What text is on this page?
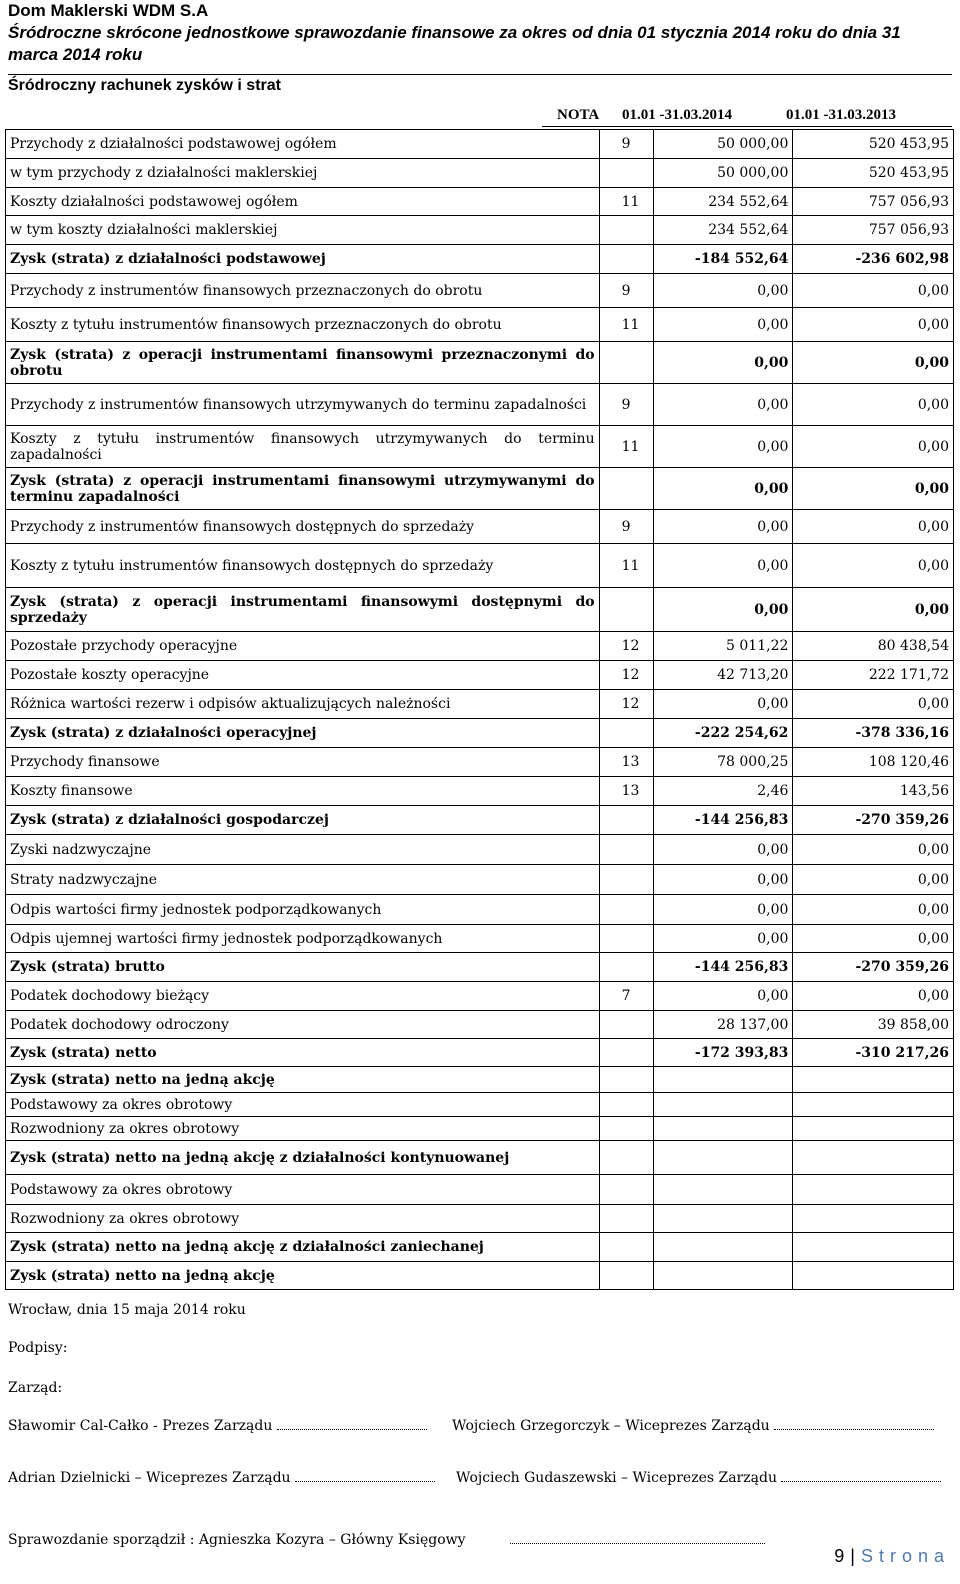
Dom Maklerski WDM S.A
Śródroczne skrócone jednostkowe sprawozdanie finansowe za okres od dnia 01 stycznia 2014 roku do dnia 31 marca 2014 roku
Śródroczny rachunek zysków i strat
NOTA 01.01 -31.03.2014	01.01 -31.03.2013
Przychody z działalności podstawowej ogółem	9	50 000,00	520 453,95
w tym przychody z działalności maklerskiej		50 000,00	520 453,95
Koszty działalności podstawowej ogółem	11	234 552,64	757 056,93
w tym koszty działalności maklerskiej		234 552,64	757 056,93
Zysk (strata) z działalności podstawowej		-184 552,64	-236 602,98
Przychody z instrumentów finansowych przeznaczonych do obrotu	9	0,00	0,00
Koszty z tytułu instrumentów finansowych przeznaczonych do obrotu	11	0,00	0,00
Zysk (strata) z operacji instrumentami finansowymi przeznaczonymi do obrotu		0,00	0,00
Przychody z instrumentów finansowych utrzymywanych do terminu zapadalności	9	0,00	0,00
Koszty z tytułu instrumentów finansowych utrzymywanych do terminu zapadalności	11	0,00	0,00
Zysk (strata) z operacji instrumentami finansowymi utrzymywanymi do terminu zapadalności		0,00	0,00
Przychody z instrumentów finansowych dostępnych do sprzedaży	9	0,00	0,00
Koszty z tytułu instrumentów finansowych dostępnych do sprzedaży	11	0,00	0,00
Zysk (strata) z operacji instrumentami finansowymi dostępnymi do sprzedaży		0,00	0,00
Pozostałe przychody operacyjne	12	5 011,22	80 438,54
Pozostałe koszty operacyjne	12	42 713,20	222 171,72
Różnica wartości rezerw i odpisów aktualizujących należności	12	0,00	0,00
Zysk (strata) z działalności operacyjnej		-222 254,62	-378 336,16
Przychody finansowe	13	78 000,25	108 120,46
Koszty finansowe	13	2,46	143,56
Zysk (strata) z działalności gospodarczej		-144 256,83	-270 359,26
Zyski nadzwyczajne		0,00	0,00
Straty nadzwyczajne		0,00	0,00
Odpis wartości firmy jednostek podporządkowanych		0,00	0,00
Odpis ujemnej wartości firmy jednostek podporządkowanych		0,00	0,00
Zysk (strata) brutto		-144 256,83	-270 359,26
Podatek dochodowy bieżący	7	0,00	0,00
Podatek dochodowy odroczony		28 137,00	39 858,00
Zysk (strata) netto		-172 393,83	-310 217,26
Zysk (strata) netto na jedną akcję			
Podstawowy za okres obrotowy			
Rozwodniony za okres obrotowy			
Zysk (strata) netto na jedną akcję z działalności kontynuowanej			
Podstawowy za okres obrotowy			
Rozwodniony za okres obrotowy			
Zysk (strata) netto na jedną akcję z działalności zaniechanej			
Zysk (strata) netto na jedną akcję			
Wrocław, dnia 15 maja 2014 roku
Podpisy:
Zarząd:
Sławomir Cal-Całko - Prezes Zarządu	Wojciech Grzegorczyk – Wiceprezes Zarządu
Adrian Dzielnicki – Wiceprezes Zarządu	Wojciech Gudaszewski – Wiceprezes Zarządu
Sprawozdanie sporządził : Agnieszka Kozyra – Główny Księgowy
9 | Strona
